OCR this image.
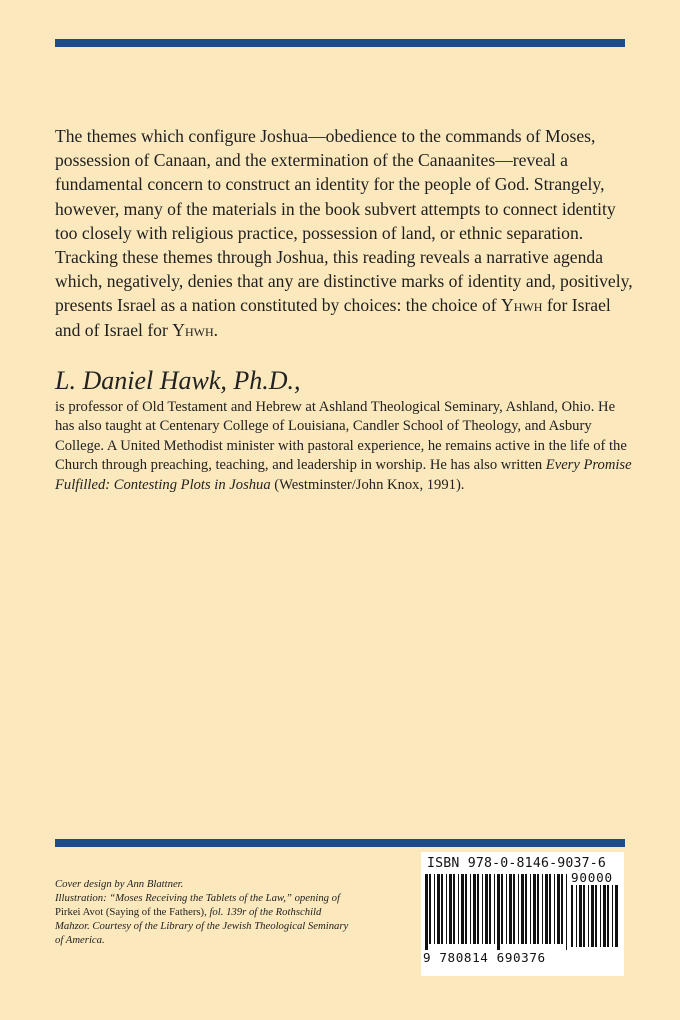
The themes which configure Joshua—obedience to the commands of Moses, possession of Canaan, and the extermination of the Canaanites—reveal a fundamental concern to construct an identity for the people of God. Strangely, however, many of the materials in the book subvert attempts to connect identity too closely with religious practice, possession of land, or ethnic separation. Tracking these themes through Joshua, this reading reveals a narrative agenda which, negatively, denies that any are distinctive marks of identity and, positively, presents Israel as a nation constituted by choices: the choice of Yhwh for Israel and of Israel for Yhwh.

L. Daniel Hawk, Ph.D.,

is professor of Old Testament and Hebrew at Ashland Theological Seminary, Ashland, Ohio. He has also taught at Centenary College of Louisiana, Candler School of Theology, and Asbury College. A United Methodist minister with pastoral experience, he remains active in the life of the Church through preaching, teaching, and leadership in worship. He has also written Every Promise Fulfilled: Contesting Plots in Joshua (Westminster/John Knox, 1991).

Cover design by Ann Blattner.
Illustration: “Moses Receiving the Tablets of the Law,” opening of Pirkei Avot (Saying of the Fathers), fol. 139r of the Rothschild Mahzor. Courtesy of the Library of the Jewish Theological Seminary of America.
ISBN 978-0-8146-9037-6
90000
9 780814 690376
